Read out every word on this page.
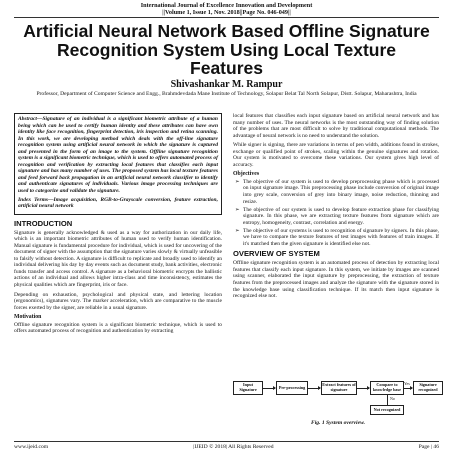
International Journal of Excellence Innovation and Development
||Volume 1, Issue 1, Nov. 2018||Page No. 046-049||
Artificial Neural Network Based Offline Signature Recognition System Using Local Texture Features
Shivashankar M. Rampur
Professor, Department of Computer Science and Engg., Brahmdevdada Mane Institute of Technology, Solapur Belat Tal North Solapur, Distt. Solapur, Maharashtra, India

Abstract—Signature of an individual is a significant biometric attribute of a human being which can be used to certify human identity and these attributes can have own identity like face recognition, fingerprint detection, iris inspection and retina scanning. In this work, we are developing method which deals with the off-line signature recognition system using artificial neural network in which the signature is captured and presented in the form of an image to the system. Offline signature recognition system is a significant biometric technique, which is used to offers automated process of recognition and verification by extracting local features that classifies each input signature and has many number of uses. The proposed system has local texture features and feed forward back propagation in an artificial neural network classifier to identify and authenticate signatures of individuals. Various image processing techniques are used to categorize and validate the signature.

Index Terms—Image acquisition, RGB-to-Grayscale conversion, feature extraction, artificial neural network

INTRODUCTION

Signature is generally acknowledged & used as a way for authorization in our daily life, which is an important biometric attributes of human used to verify human identification. Manual signature is fundamental procedure for individual, which is used for uncovering of the document of signer with the assumption that the signature varies slowly & virtually unfeasible to falsify without detection. A signature is difficult to replicate and broadly used to identify an individual delivering his day by day events such as document study, bank activities, electronic funds transfer and access control. A signature as a behavioral biometric encrypts the ballistic actions of an individual and allows higher intra-class and time inconsistency, estimates the physical qualities which are fingerprint, iris or face.

Depending on exhaustion, psychological and physical state, and lettering location (ergonomics), signatures vary. The marker acceleration, which are comparative to the muscle forces exerted by the signer, are reliable in a usual signature.

Motivation

Offline signature recognition system is a significant biometric technique, which is used to offers automated process of recognition and authentication by extracting

local features that classifies each input signature based on artificial neural network and has many number of uses. The neural networks is the most outstanding way of finding solution of the problems that are most difficult to solve by traditional computational methods. The advantage of neural network is no need to understand the solution.

While signer is signing, there are variations in terms of pen width, additions found in strokes, exchange or qualified point of strokes, scaling within the genuine signatures and rotation. Our system is motivated to overcome these variations. Our system gives high level of accuracy.

Objectives
➢ The objective of our system is used to develop preprocessing phase which is processed on input signature image. This preprocessing phase include conversion of original image into grey scale, conversion of grey into binary image, noise reduction, thinning and resize.
➢ The objective of our system is used to develop feature extraction phase for classifying signature. In this phase, we are extracting texture features from signature which are entropy, homogeneity, contrast, correlation and energy.
➢ The objective of our systems is used to recognition of signature by signers. In this phase, we have to compare the texture features of test images with features of train images. If it's matched then the given signature is identified else not.
OVERVIEW OF SYSTEM

Offline signature recognition system is an automated process of detection by extracting local features that classify each input signature. In this system, we initiate by images are scanned using scanner, elaborated the input signature by preprocessing, the extraction of texture features from the preprocessed images and analyze the signature with the signature stored in the knowledge base using classification technique. If its match then input signature is recognized else not.

Input Signature	Pre-processing	Extract features of signature
Compare to knowledge base
Yes	Signature recognized
No
Not recognized
Fig. 1 System overview.
www.ijeid.com	|IJEID © 2018| All Rights Reserved	Page | 46
